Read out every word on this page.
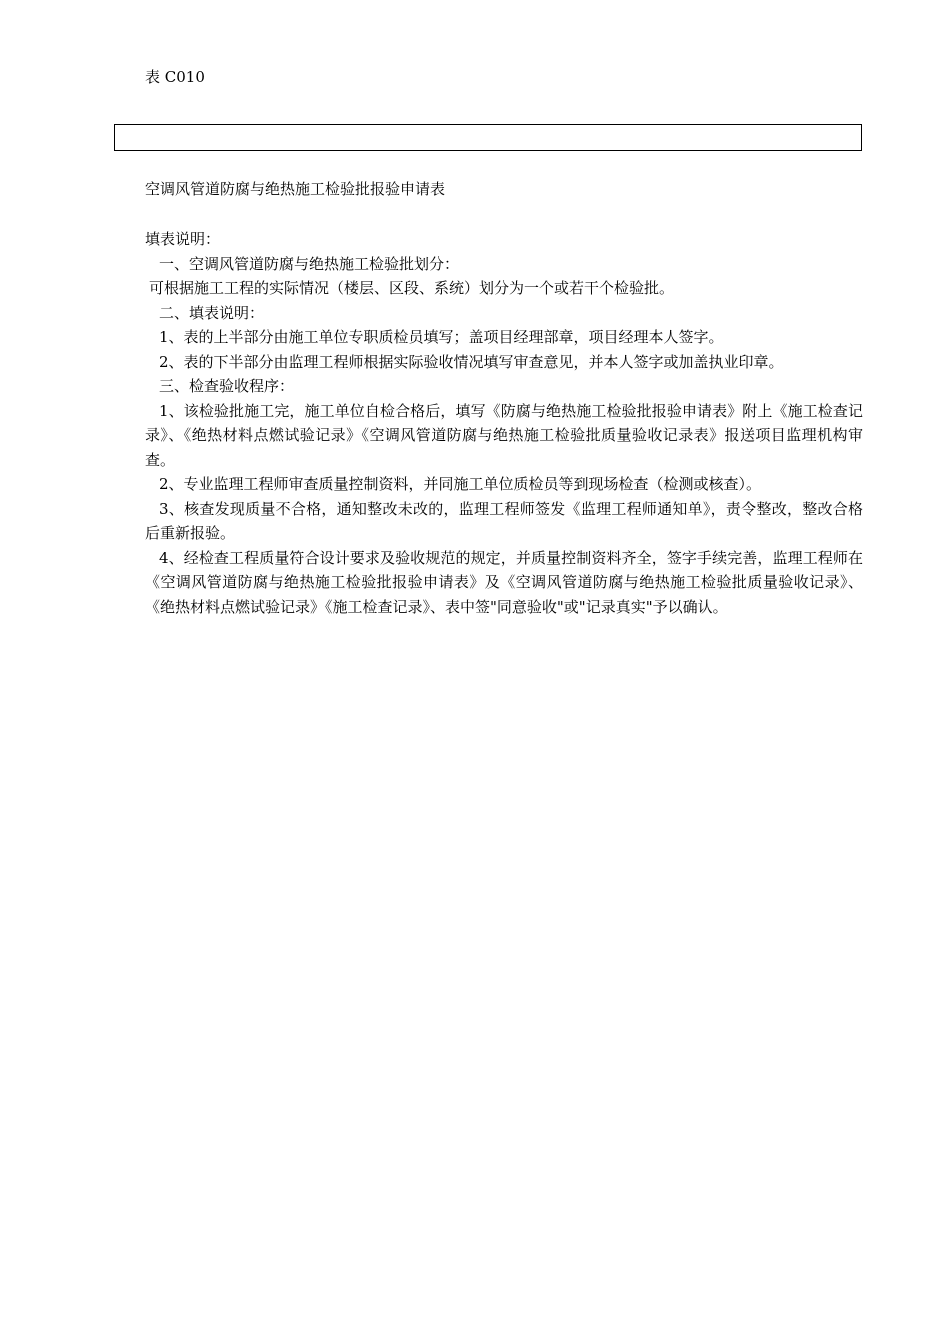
表 C010
空调风管道防腐与绝热施工检验批报验申请表

填表说明：

一、空调风管道防腐与绝热施工检验批划分：

可根据施工工程的实际情况（楼层、区段、系统）划分为一个或若干个检验批。

二、填表说明：

1、表的上半部分由施工单位专职质检员填写；盖项目经理部章，项目经理本人签字。

2、表的下半部分由监理工程师根据实际验收情况填写审查意见，并本人签字或加盖执业印章。

三、检查验收程序：

1、该检验批施工完，施工单位自检合格后，填写《防腐与绝热施工检验批报验申请表》附上《施工检查记录》、《绝热材料点燃试验记录》《空调风管道防腐与绝热施工检验批质量验收记录表》报送项目监理机构审查。

2、专业监理工程师审查质量控制资料，并同施工单位质检员等到现场检查（检测或核查）。

3、核查发现质量不合格，通知整改未改的，监理工程师签发《监理工程师通知单》，责令整改，整改合格后重新报验。

4、经检查工程质量符合设计要求及验收规范的规定，并质量控制资料齐全，签字手续完善，监理工程师在《空调风管道防腐与绝热施工检验批报验申请表》及《空调风管道防腐与绝热施工检验批质量验收记录》、《绝热材料点燃试验记录》《施工检查记录》、表中签"同意验收"或"记录真实"予以确认。
